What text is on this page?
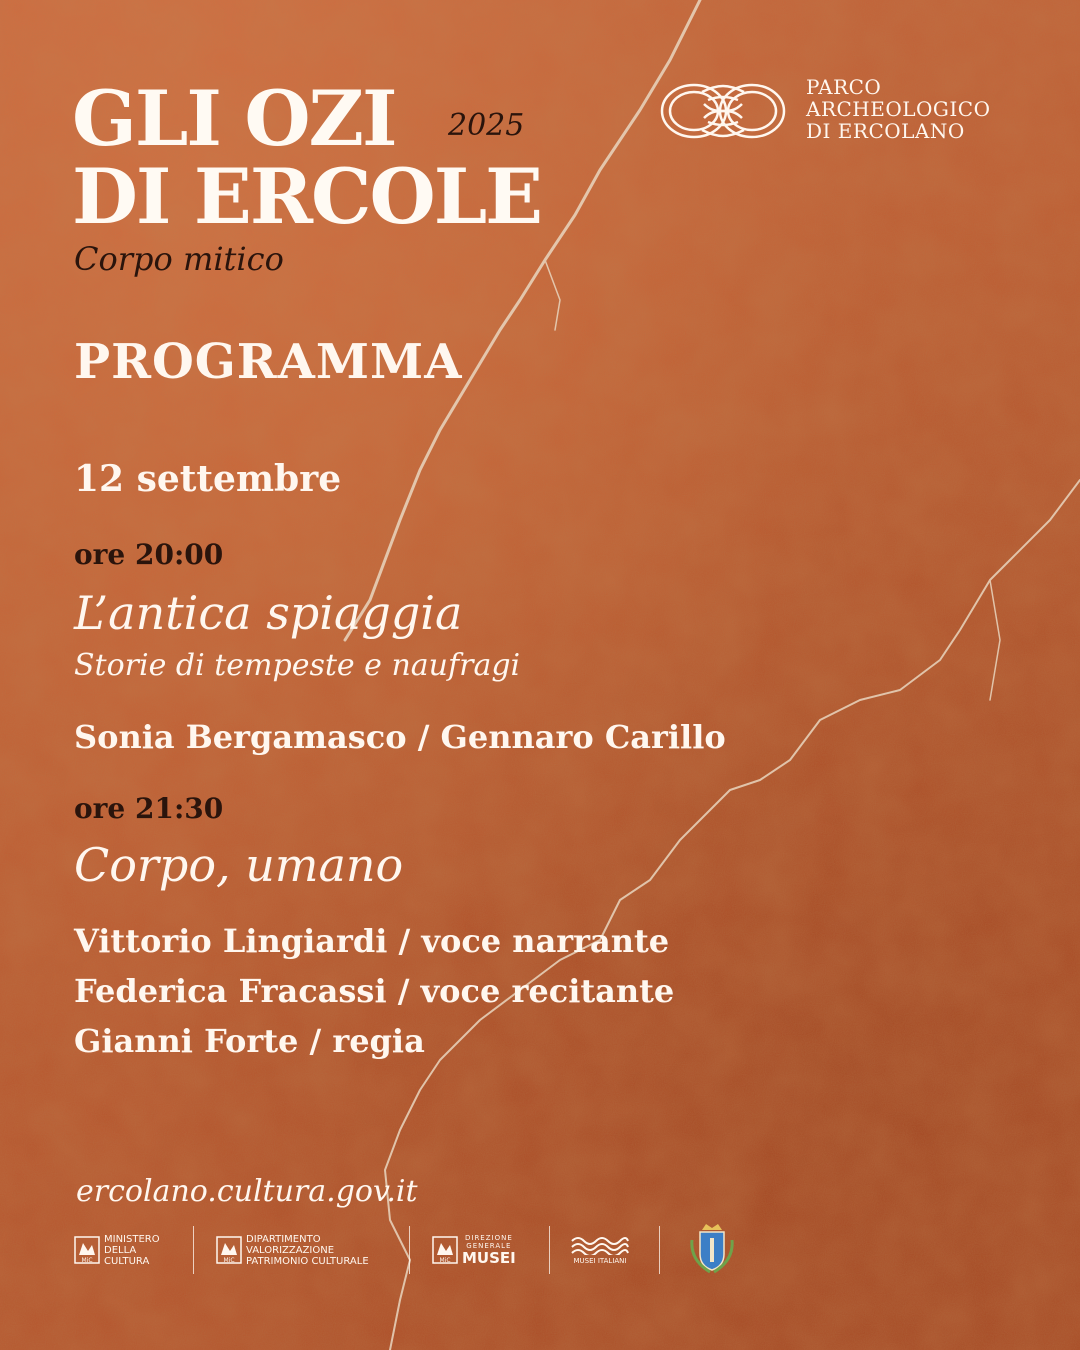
GLI OZI
DI ERCOLE
2025
Corpo mitico
PARCO
ARCHEOLOGICO
DI ERCOLANO
PROGRAMMA
12 settembre
ore 20:00
L’antica spiaggia
Storie di tempeste e naufragi
Sonia Bergamasco / Gennaro Carillo
ore 21:30
Corpo, umano
Vittorio Lingiardi / voce narrante
Federica Fracassi / voce recitante
Gianni Forte / regia
ercolano.cultura.gov.it
MiC
MINISTERO
DELLA
CULTURA	MiC
DIPARTIMENTO
VALORIZZAZIONE
PATRIMONIO CULTURALE	MiC
DIREZIONE
GENERALE
MUSEI	MUSEI ITALIANI
